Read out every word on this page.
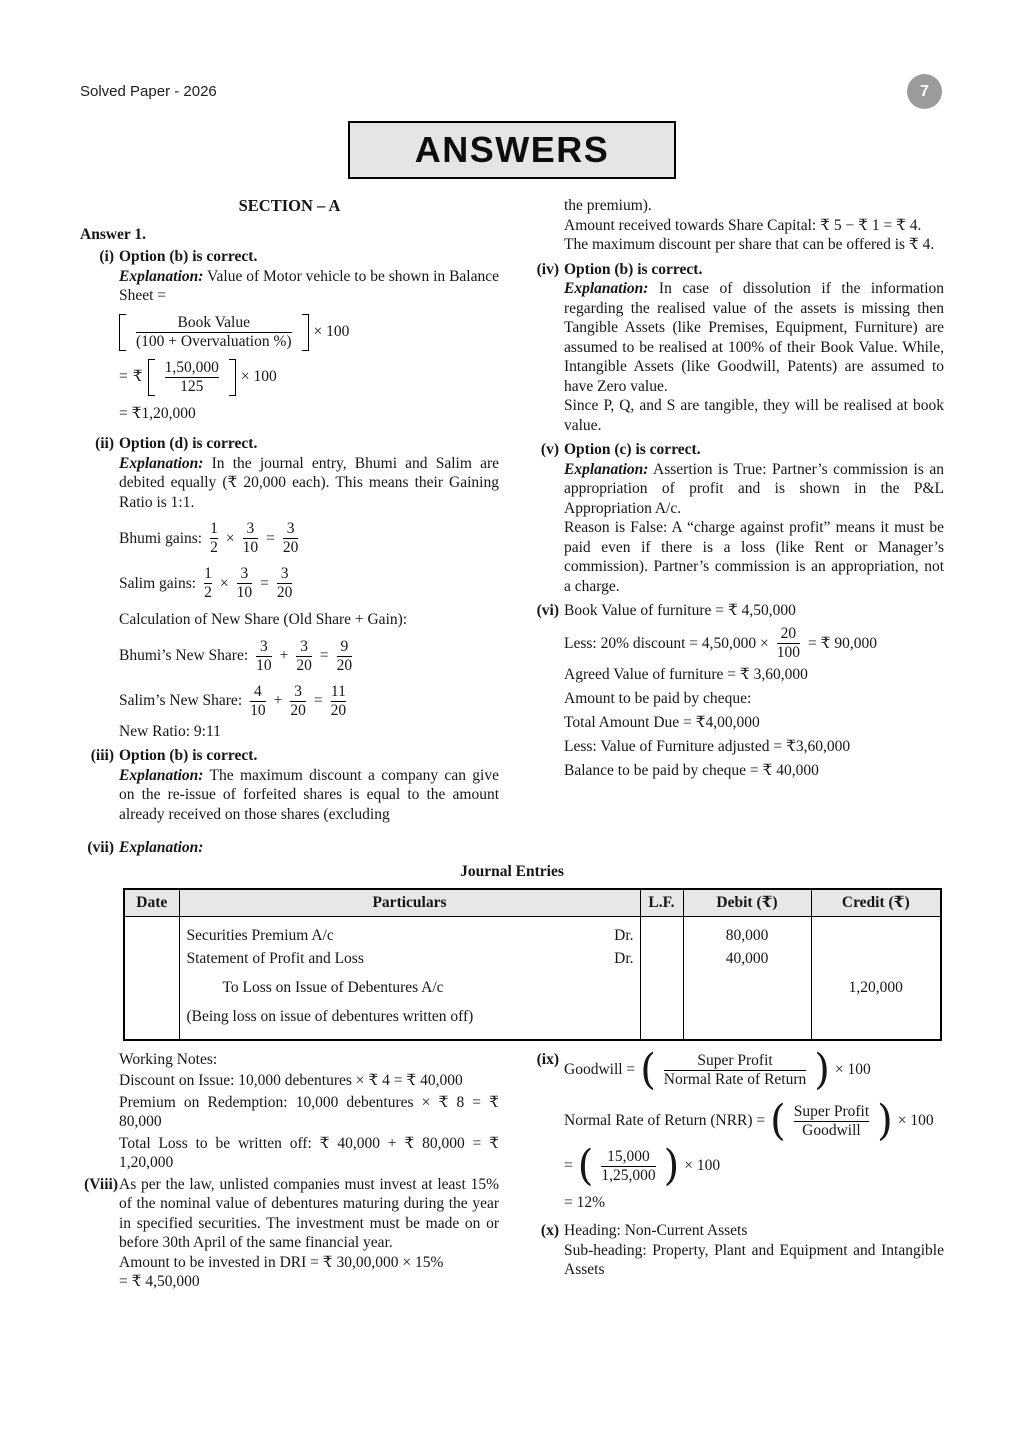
Solved Paper - 2026	7
ANSWERS
SECTION – A
Answer 1.
(i) Option (b) is correct.

Explanation: Value of Motor vehicle to be shown in Balance Sheet =

$\frac{\text{Book Value}}{\text{(100 + Overvaluation \%)}} \times 100$
= ₹ $\frac{1,50,000}{125} \times 100$
= ₹1,20,000
(ii) Option (d) is correct.

Explanation: In the journal entry, Bhumi and Salim are debited equally (₹ 20,000 each). This means their Gaining Ratio is 1:1.

Bhumi gains: $\frac{1}{2} \times \frac{3}{10} = \frac{3}{20}$
Salim gains: $\frac{1}{2} \times \frac{3}{10} = \frac{3}{20}$
Calculation of New Share (Old Share + Gain):
Bhumi’s New Share: $\frac{3}{10} + \frac{3}{20} = \frac{9}{20}$
Salim’s New Share: $\frac{4}{10} + \frac{3}{20} = \frac{11}{20}$
New Ratio: 9:11
(iii) Option (b) is correct.

Explanation: The maximum discount a company can give on the re-issue of forfeited shares is equal to the amount already received on those shares (excluding

the premium).

Amount received towards Share Capital: ₹ 5 − ₹ 1 = ₹ 4.

The maximum discount per share that can be offered is ₹ 4.

(iv) Option (b) is correct.

Explanation: In case of dissolution if the information regarding the realised value of the assets is missing then Tangible Assets (like Premises, Equipment, Furniture) are assumed to be realised at 100% of their Book Value. While, Intangible Assets (like Goodwill, Patents) are assumed to have Zero value.

Since P, Q, and S are tangible, they will be realised at book value.

(v) Option (c) is correct.

Explanation: Assertion is True: Partner’s commission is an appropriation of profit and is shown in the P&L Appropriation A/c.

Reason is False: A “charge against profit” means it must be paid even if there is a loss (like Rent or Manager’s commission). Partner’s commission is an appropriation, not a charge.

(vi) Book Value of furniture = ₹ 4,50,000
Less: 20% discount = $4,50,000 \times \frac{20}{100}$ = ₹ 90,000
Agreed Value of furniture = ₹ 3,60,000
Amount to be paid by cheque:
Total Amount Due = ₹4,00,000
Less: Value of Furniture adjusted = ₹3,60,000
Balance to be paid by cheque = ₹ 40,000
(vii) Explanation:
Journal Entries
Date	Particulars	L.F.	Debit (₹)	Credit (₹)

	Securities Premium A/c Dr.		80,000	

	Statement of Profit and Loss Dr.		40,000	

	To Loss on Issue of Debentures A/c			1,20,000

	(Being loss on issue of debentures written off)			

Working Notes:
Discount on Issue: 10,000 debentures × ₹ 4 = ₹ 40,000
Premium on Redemption: 10,000 debentures × ₹ 8 = ₹ 80,000
Total Loss to be written off: ₹ 40,000 + ₹ 80,000 = ₹ 1,20,000
(Viii) As per the law, unlisted companies must invest at least 15% of the nominal value of debentures maturing during the year in specified securities. The investment must be made on or before 30th April of the same financial year.

Amount to be invested in DRI = ₹ 30,00,000 × 15%
= ₹ 4,50,000
(ix)
Goodwill = ( $\frac{\text{Super Profit}}{\text{Normal Rate of Return}}$ ) × 100
Normal Rate of Return (NRR) = ( $\frac{\text{Super Profit}}{\text{Goodwill}}$ ) × 100
= ( $\frac{15,000}{1,25,000}$ ) × 100
= 12%
(x) Heading: Non-Current Assets
Sub-heading: Property, Plant and Equipment and Intangible Assets
